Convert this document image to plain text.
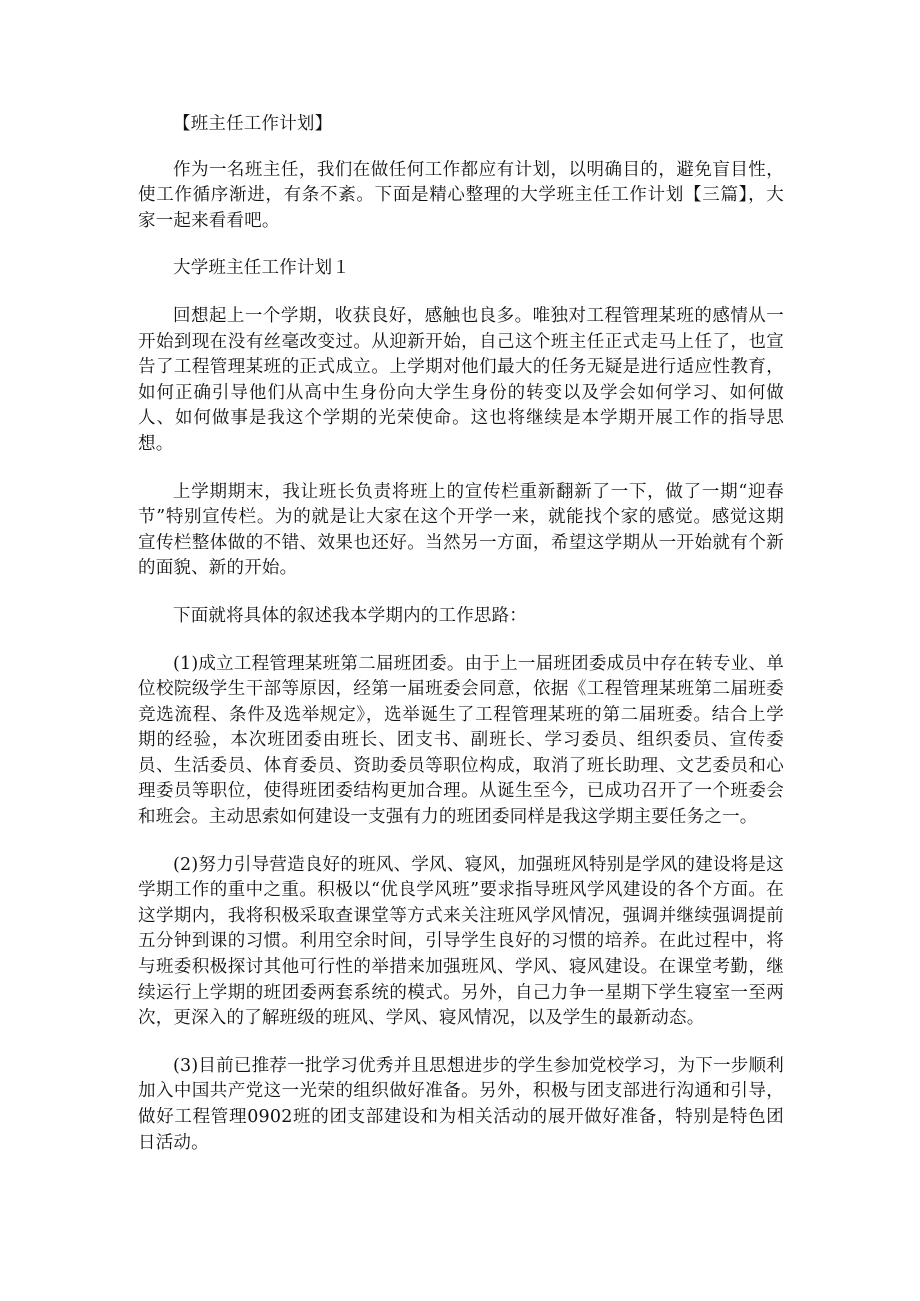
【班主任工作计划】

作为一名班主任，我们在做任何工作都应有计划，以明确目的，避免盲目性，使工作循序渐进，有条不紊。下面是精心整理的大学班主任工作计划【三篇】，大家一起来看看吧。

大学班主任工作计划１

回想起上一个学期，收获良好，感触也良多。唯独对工程管理某班的感情从一开始到现在没有丝毫改变过。从迎新开始，自己这个班主任正式走马上任了，也宣告了工程管理某班的正式成立。上学期对他们最大的任务无疑是进行适应性教育，如何正确引导他们从高中生身份向大学生身份的转变以及学会如何学习、如何做人、如何做事是我这个学期的光荣使命。这也将继续是本学期开展工作的指导思想。

上学期期末，我让班长负责将班上的宣传栏重新翻新了一下，做了一期“迎春节”特别宣传栏。为的就是让大家在这个开学一来，就能找个家的感觉。感觉这期宣传栏整体做的不错、效果也还好。当然另一方面，希望这学期从一开始就有个新的面貌、新的开始。

下面就将具体的叙述我本学期内的工作思路：

(1)成立工程管理某班第二届班团委。由于上一届班团委成员中存在转专业、单位校院级学生干部等原因，经第一届班委会同意，依据《工程管理某班第二届班委竞选流程、条件及选举规定》，选举诞生了工程管理某班的第二届班委。结合上学期的经验，本次班团委由班长、团支书、副班长、学习委员、组织委员、宣传委员、生活委员、体育委员、资助委员等职位构成，取消了班长助理、文艺委员和心理委员等职位，使得班团委结构更加合理。从诞生至今，已成功召开了一个班委会和班会。主动思索如何建设一支强有力的班团委同样是我这学期主要任务之一。

(2)努力引导营造良好的班风、学风、寝风，加强班风特别是学风的建设将是这学期工作的重中之重。积极以“优良学风班”要求指导班风学风建设的各个方面。在这学期内，我将积极采取查课堂等方式来关注班风学风情况，强调并继续强调提前五分钟到课的习惯。利用空余时间，引导学生良好的习惯的培养。在此过程中，将与班委积极探讨其他可行性的举措来加强班风、学风、寝风建设。在课堂考勤，继续运行上学期的班团委两套系统的模式。另外，自己力争一星期下学生寝室一至两次，更深入的了解班级的班风、学风、寝风情况，以及学生的最新动态。

(3)目前已推荐一批学习优秀并且思想进步的学生参加党校学习，为下一步顺利加入中国共产党这一光荣的组织做好准备。另外，积极与团支部进行沟通和引导，做好工程管理0902班的团支部建设和为相关活动的展开做好准备，特别是特色团日活动。
